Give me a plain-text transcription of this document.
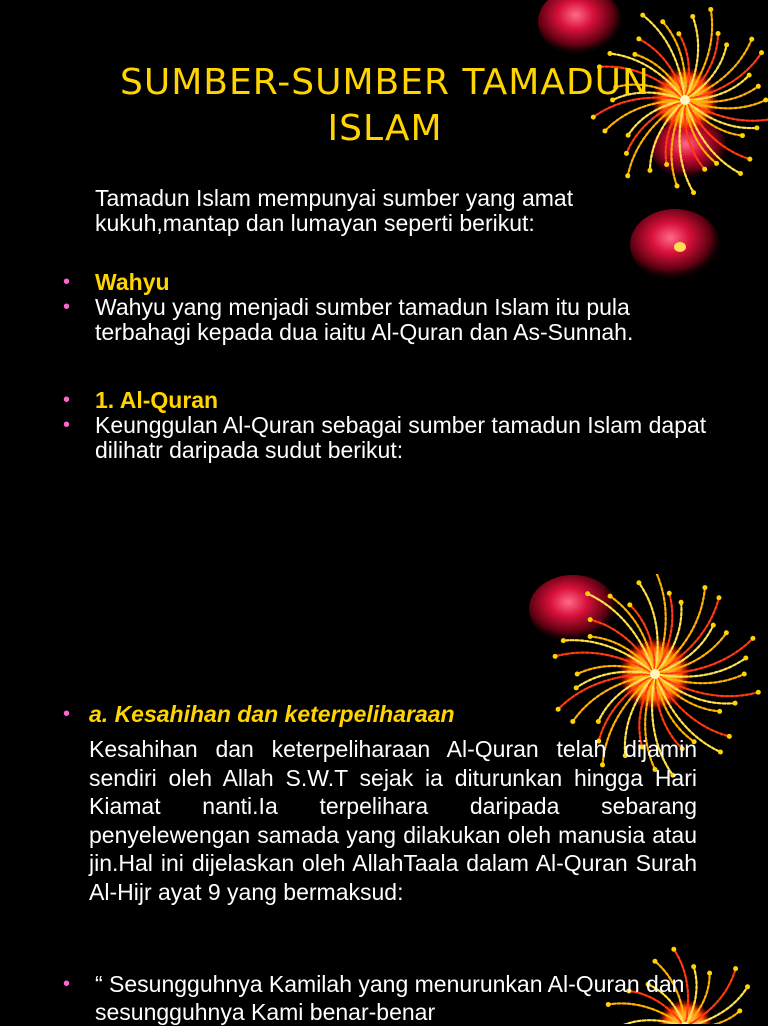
SUMBER-SUMBER TAMADUN ISLAM
Tamadun Islam mempunyai sumber yang amat kukuh,mantap dan lumayan seperti berikut:
• Wahyu
• Wahyu yang menjadi sumber tamadun Islam itu pula terbahagi kepada dua iaitu Al-Quran dan As-Sunnah.
• 1. Al-Quran
• Keunggulan Al-Quran sebagai sumber tamadun Islam dapat dilihatr daripada sudut berikut:
• a. Kesahihan dan keterpeliharaan
Kesahihan dan keterpeliharaan Al-Quran telah dijamin sendiri oleh Allah S.W.T sejak ia diturunkan hingga Hari Kiamat nanti.Ia terpelihara daripada sebarang penyelewengan samada yang dilakukan oleh manusia atau jin.Hal ini dijelaskan oleh AllahTaala dalam Al-Quran Surah Al-Hijr ayat 9 yang bermaksud:
• “ Sesungguhnya Kamilah yang menurunkan Al-Quran dan sesungguhnya Kami benar-benar
